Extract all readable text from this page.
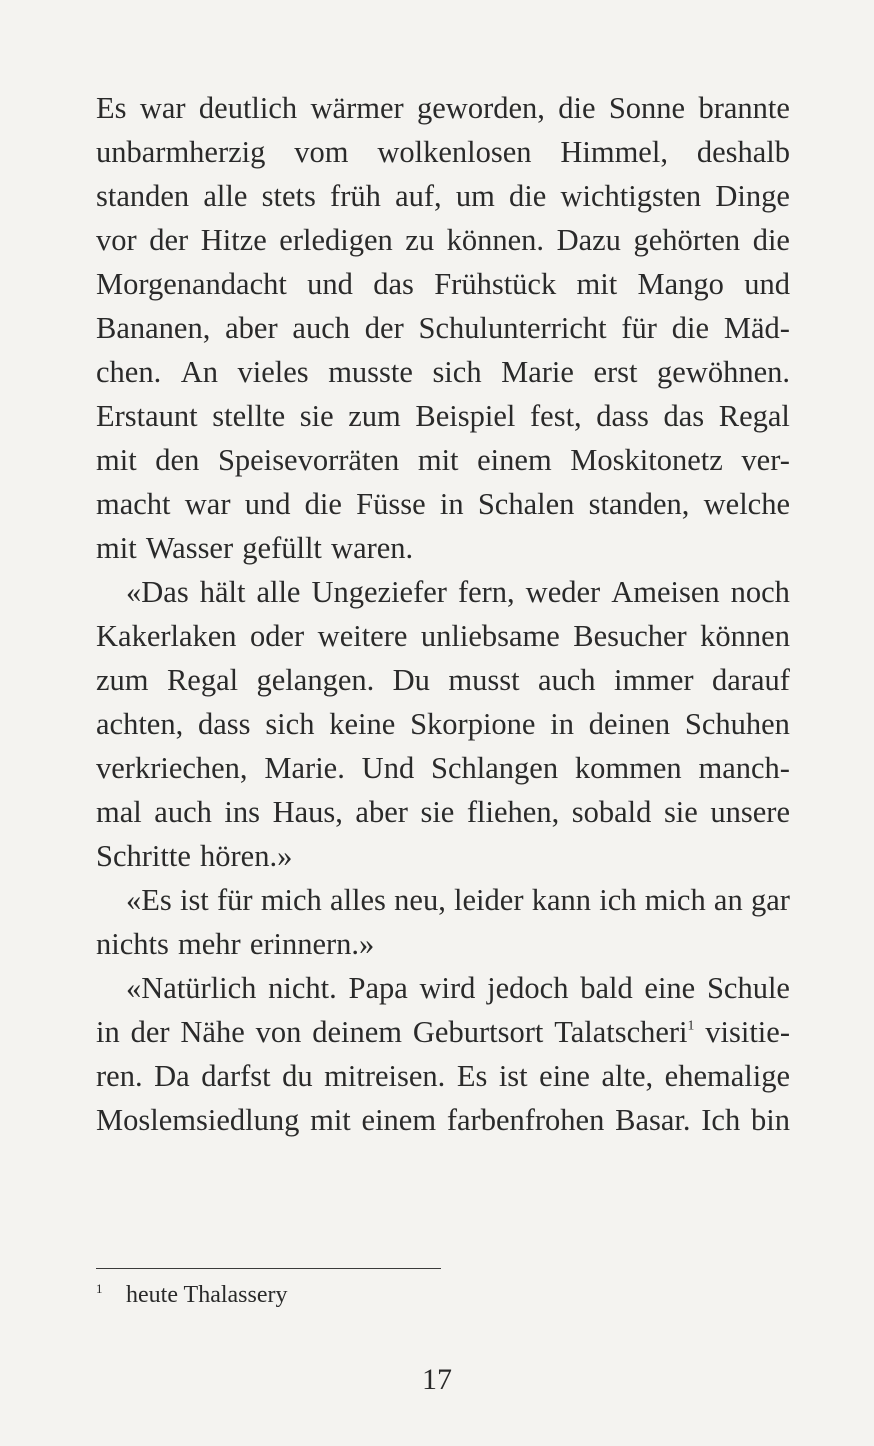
Es war deutlich wärmer geworden, die Sonne brannte
unbarmherzig vom wolkenlosen Himmel, deshalb
standen alle stets früh auf, um die wichtigsten Dinge
vor der Hitze erledigen zu können. Dazu gehörten die
Morgenandacht und das Frühstück mit Mango und
Bananen, aber auch der Schulunterricht für die Mäd-
chen. An vieles musste sich Marie erst gewöhnen.
Erstaunt stellte sie zum Beispiel fest, dass das Regal
mit den Speisevorräten mit einem Moskitonetz ver-
macht war und die Füsse in Schalen standen, welche
mit Wasser gefüllt waren.
«Das hält alle Ungeziefer fern, weder Ameisen noch
Kakerlaken oder weitere unliebsame Besucher können
zum Regal gelangen. Du musst auch immer darauf
achten, dass sich keine Skorpione in deinen Schuhen
verkriechen, Marie. Und Schlangen kommen manch-
mal auch ins Haus, aber sie fliehen, sobald sie unsere
Schritte hören.»
«Es ist für mich alles neu, leider kann ich mich an gar
nichts mehr erinnern.»
«Natürlich nicht. Papa wird jedoch bald eine Schule
in der Nähe von deinem Geburtsort Talatscheri$^1$ visitie-
ren. Da darfst du mitreisen. Es ist eine alte, ehemalige
Moslemsiedlung mit einem farbenfrohen Basar. Ich bin
1 heute Thalassery
17
